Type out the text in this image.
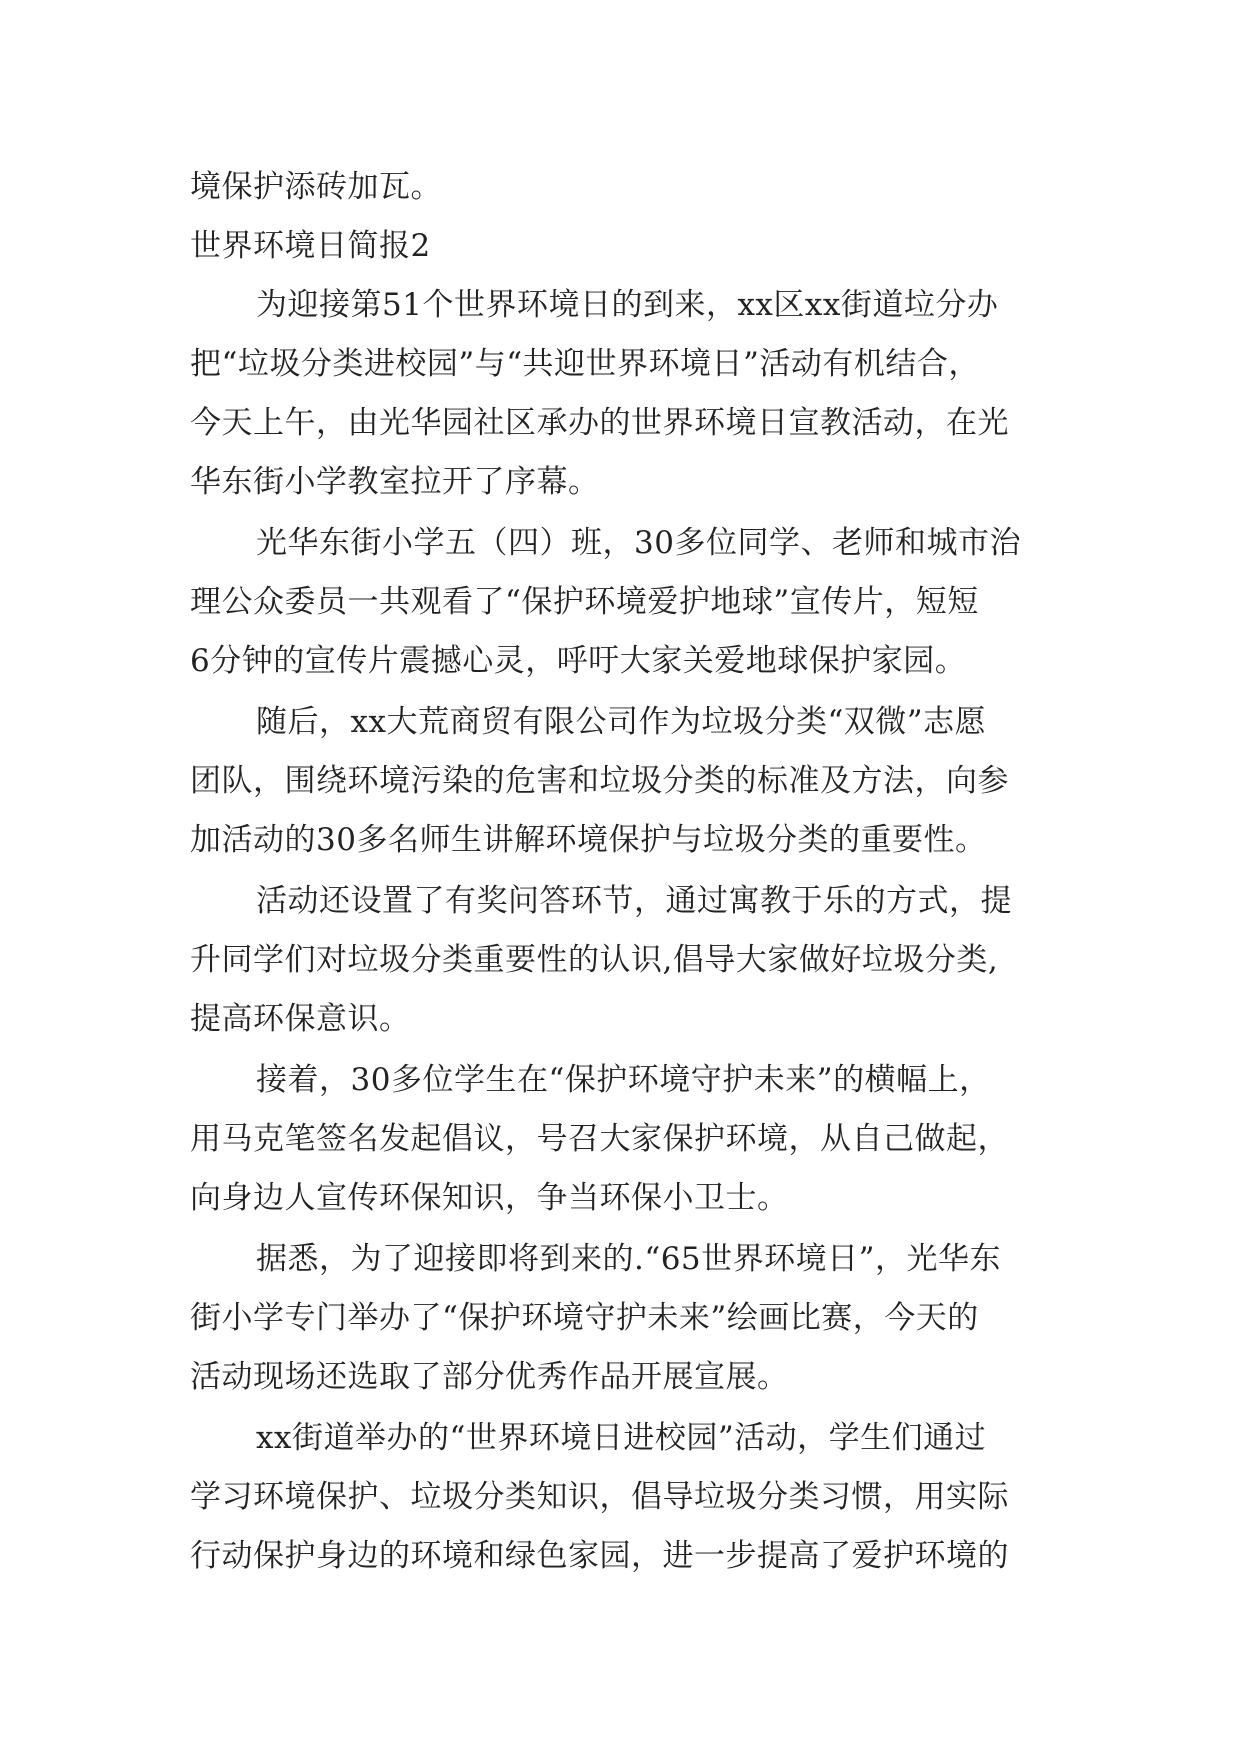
境保护添砖加瓦。
世界环境日简报2
为迎接第51个世界环境日的到来，xx区xx街道垃分办
把“垃圾分类进校园”与“共迎世界环境日”活动有机结合，
今天上午，由光华园社区承办的世界环境日宣教活动，在光
华东街小学教室拉开了序幕。
光华东街小学五（四）班，30多位同学、老师和城市治
理公众委员一共观看了“保护环境爱护地球”宣传片，短短
6分钟的宣传片震撼心灵，呼吁大家关爱地球保护家园。
随后，xx大荒商贸有限公司作为垃圾分类“双微”志愿
团队，围绕环境污染的危害和垃圾分类的标准及方法，向参
加活动的30多名师生讲解环境保护与垃圾分类的重要性。
活动还设置了有奖问答环节，通过寓教于乐的方式，提
升同学们对垃圾分类重要性的认识,倡导大家做好垃圾分类,
提高环保意识。
接着，30多位学生在“保护环境守护未来”的横幅上，
用马克笔签名发起倡议，号召大家保护环境，从自己做起，
向身边人宣传环保知识，争当环保小卫士。
据悉，为了迎接即将到来的.“65世界环境日”，光华东
街小学专门举办了“保护环境守护未来”绘画比赛，今天的
活动现场还选取了部分优秀作品开展宣展。
xx街道举办的“世界环境日进校园”活动，学生们通过
学习环境保护、垃圾分类知识，倡导垃圾分类习惯，用实际
行动保护身边的环境和绿色家园，进一步提高了爱护环境的
